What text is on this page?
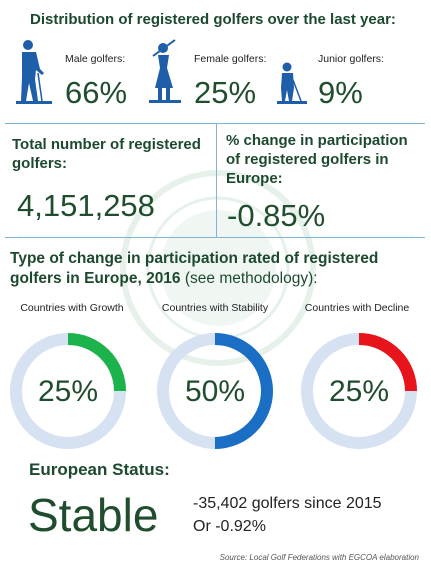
Distribution of registered golfers over the last year:
Male golfers:
66%
Female golfers:
25%
Junior golfers:
9%
Total number of registered golfers:
4,151,258
% change in participation of registered golfers in Europe:
-0.85%
Type of change in participation rated of registered golfers in Europe, 2016 (see methodology):
Countries with Growth
25%
Countries with Stability
50%
Countries with Decline
25%
European Status:
Stable -35,402 golfers since 2015
Or -0.92%
Source: Local Golf Federations with EGCOA elaboration
